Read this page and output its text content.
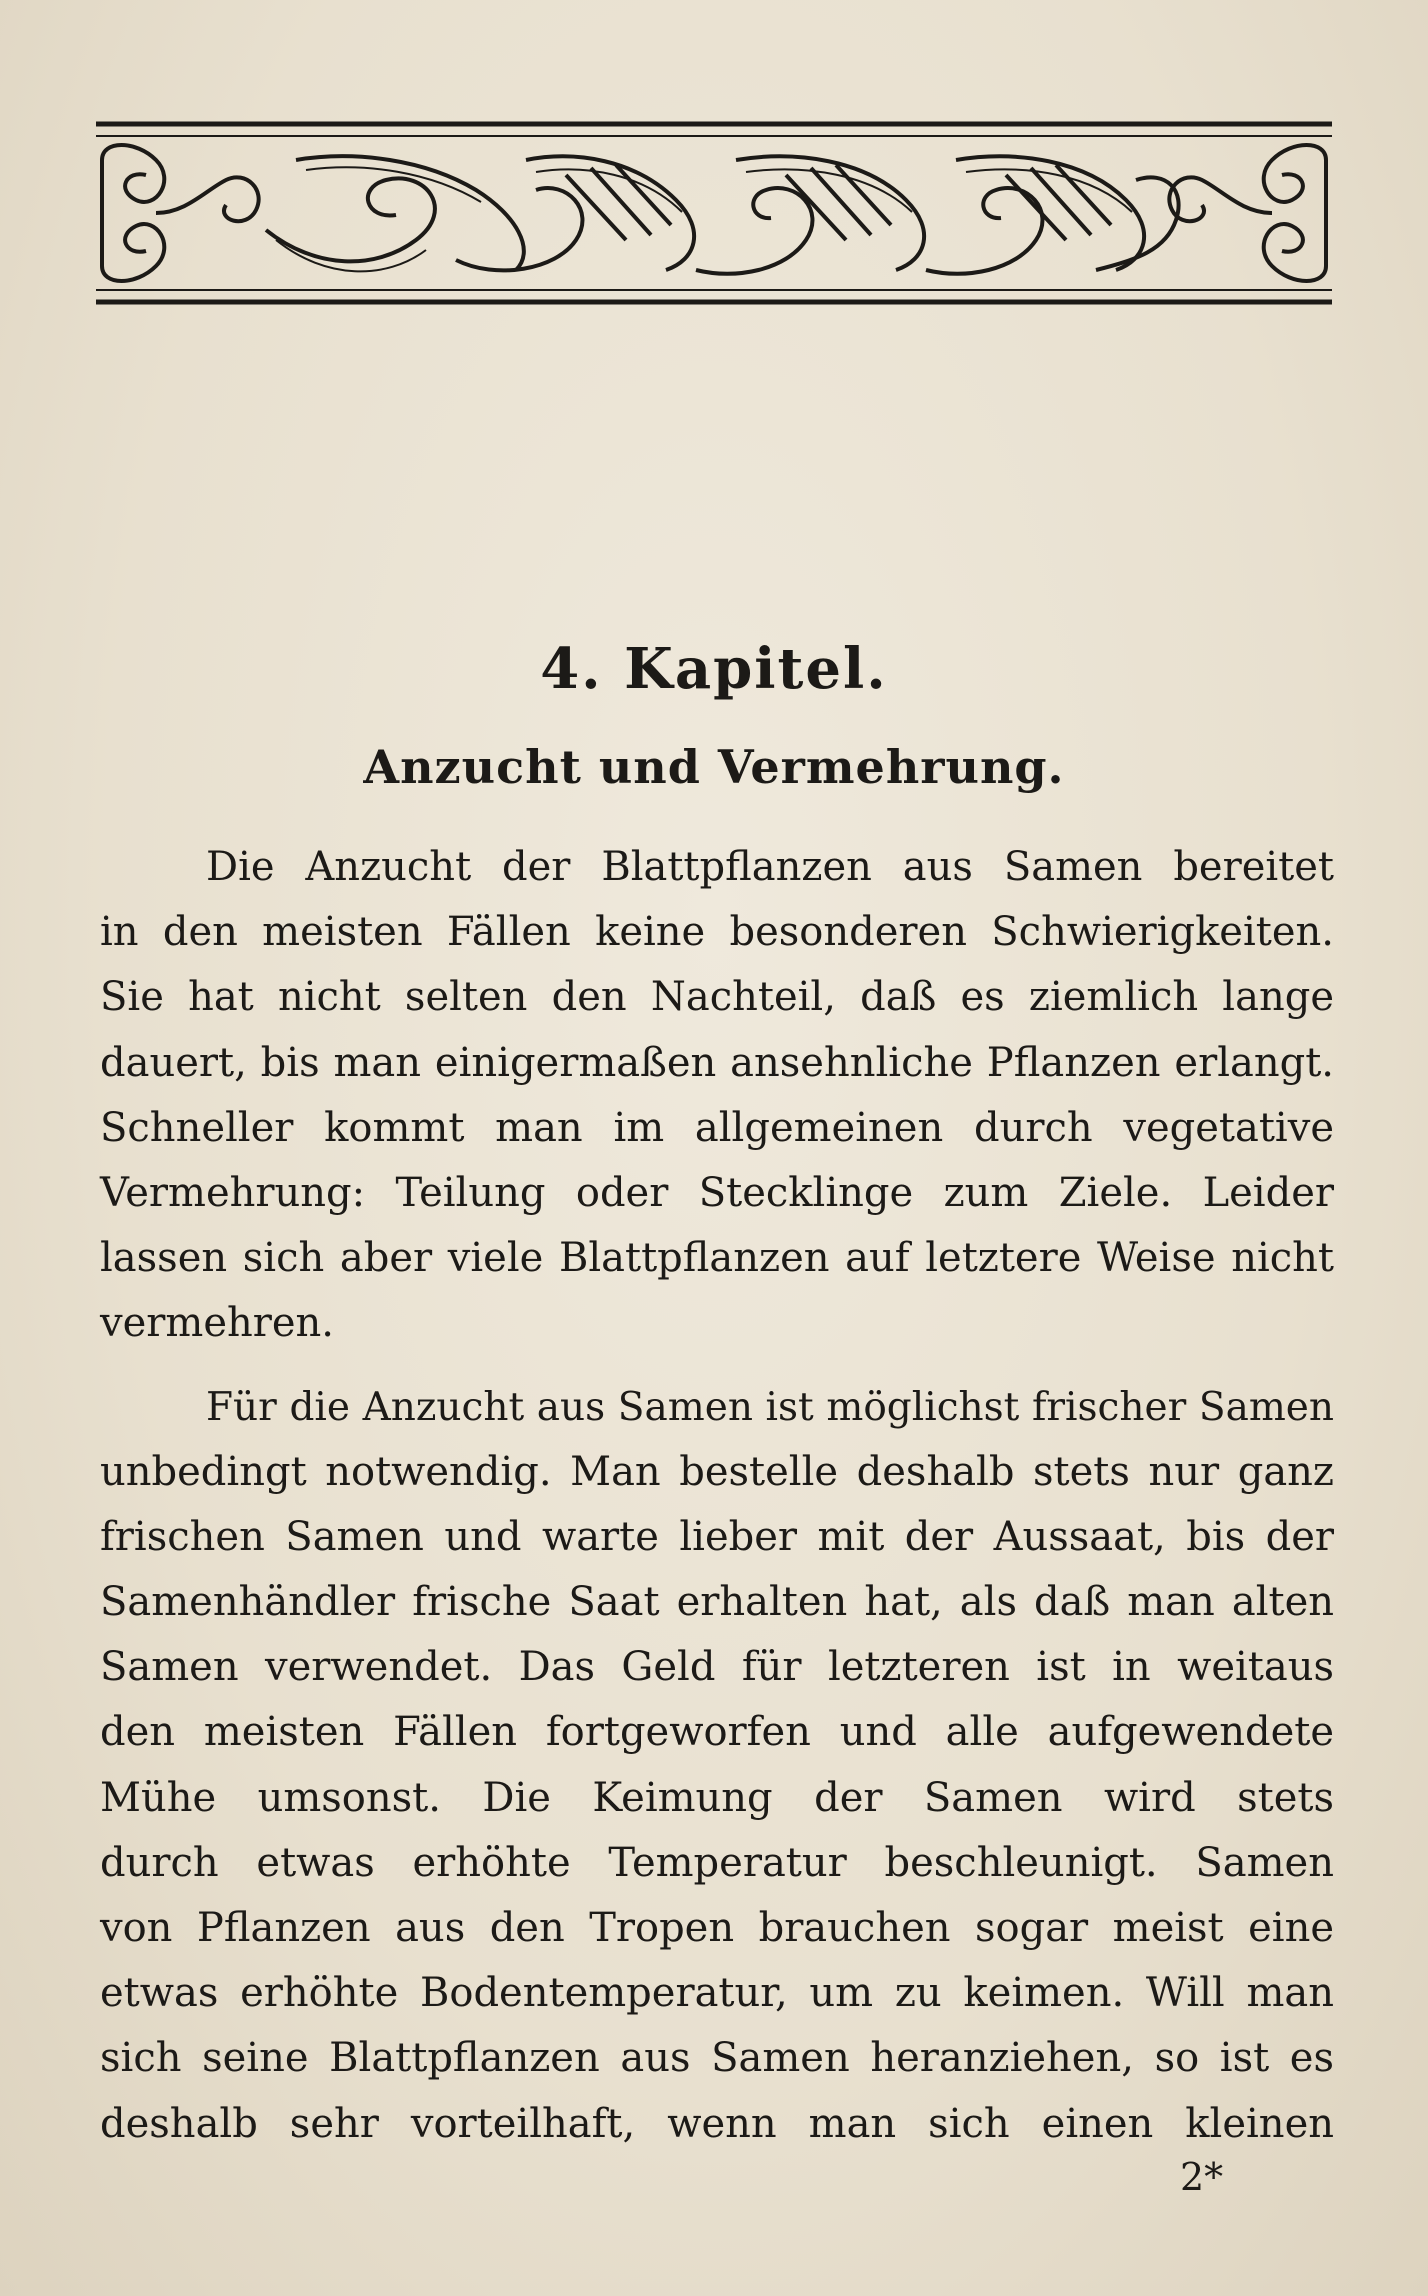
4. Kapitel.
Anzucht und Vermehrung.
Die Anzucht der Blattpflanzen aus Samen bereitet
in den meisten Fällen keine besonderen Schwierigkeiten.
Sie hat nicht selten den Nachteil, daß es ziemlich lange
dauert, bis man einigermaßen ansehnliche Pflanzen erlangt.
Schneller kommt man im allgemeinen durch vegetative
Vermehrung: Teilung oder Stecklinge zum Ziele. Leider
lassen sich aber viele Blattpflanzen auf letztere Weise nicht
vermehren.
Für die Anzucht aus Samen ist möglichst frischer Samen
unbedingt notwendig. Man bestelle deshalb stets nur ganz
frischen Samen und warte lieber mit der Aussaat, bis der
Samenhändler frische Saat erhalten hat, als daß man alten
Samen verwendet. Das Geld für letzteren ist in weitaus
den meisten Fällen fortgeworfen und alle aufgewendete
Mühe umsonst. Die Keimung der Samen wird stets
durch etwas erhöhte Temperatur beschleunigt. Samen
von Pflanzen aus den Tropen brauchen sogar meist eine
etwas erhöhte Bodentemperatur, um zu keimen. Will man
sich seine Blattpflanzen aus Samen heranziehen, so ist es
deshalb sehr vorteilhaft, wenn man sich einen kleinen
2*
